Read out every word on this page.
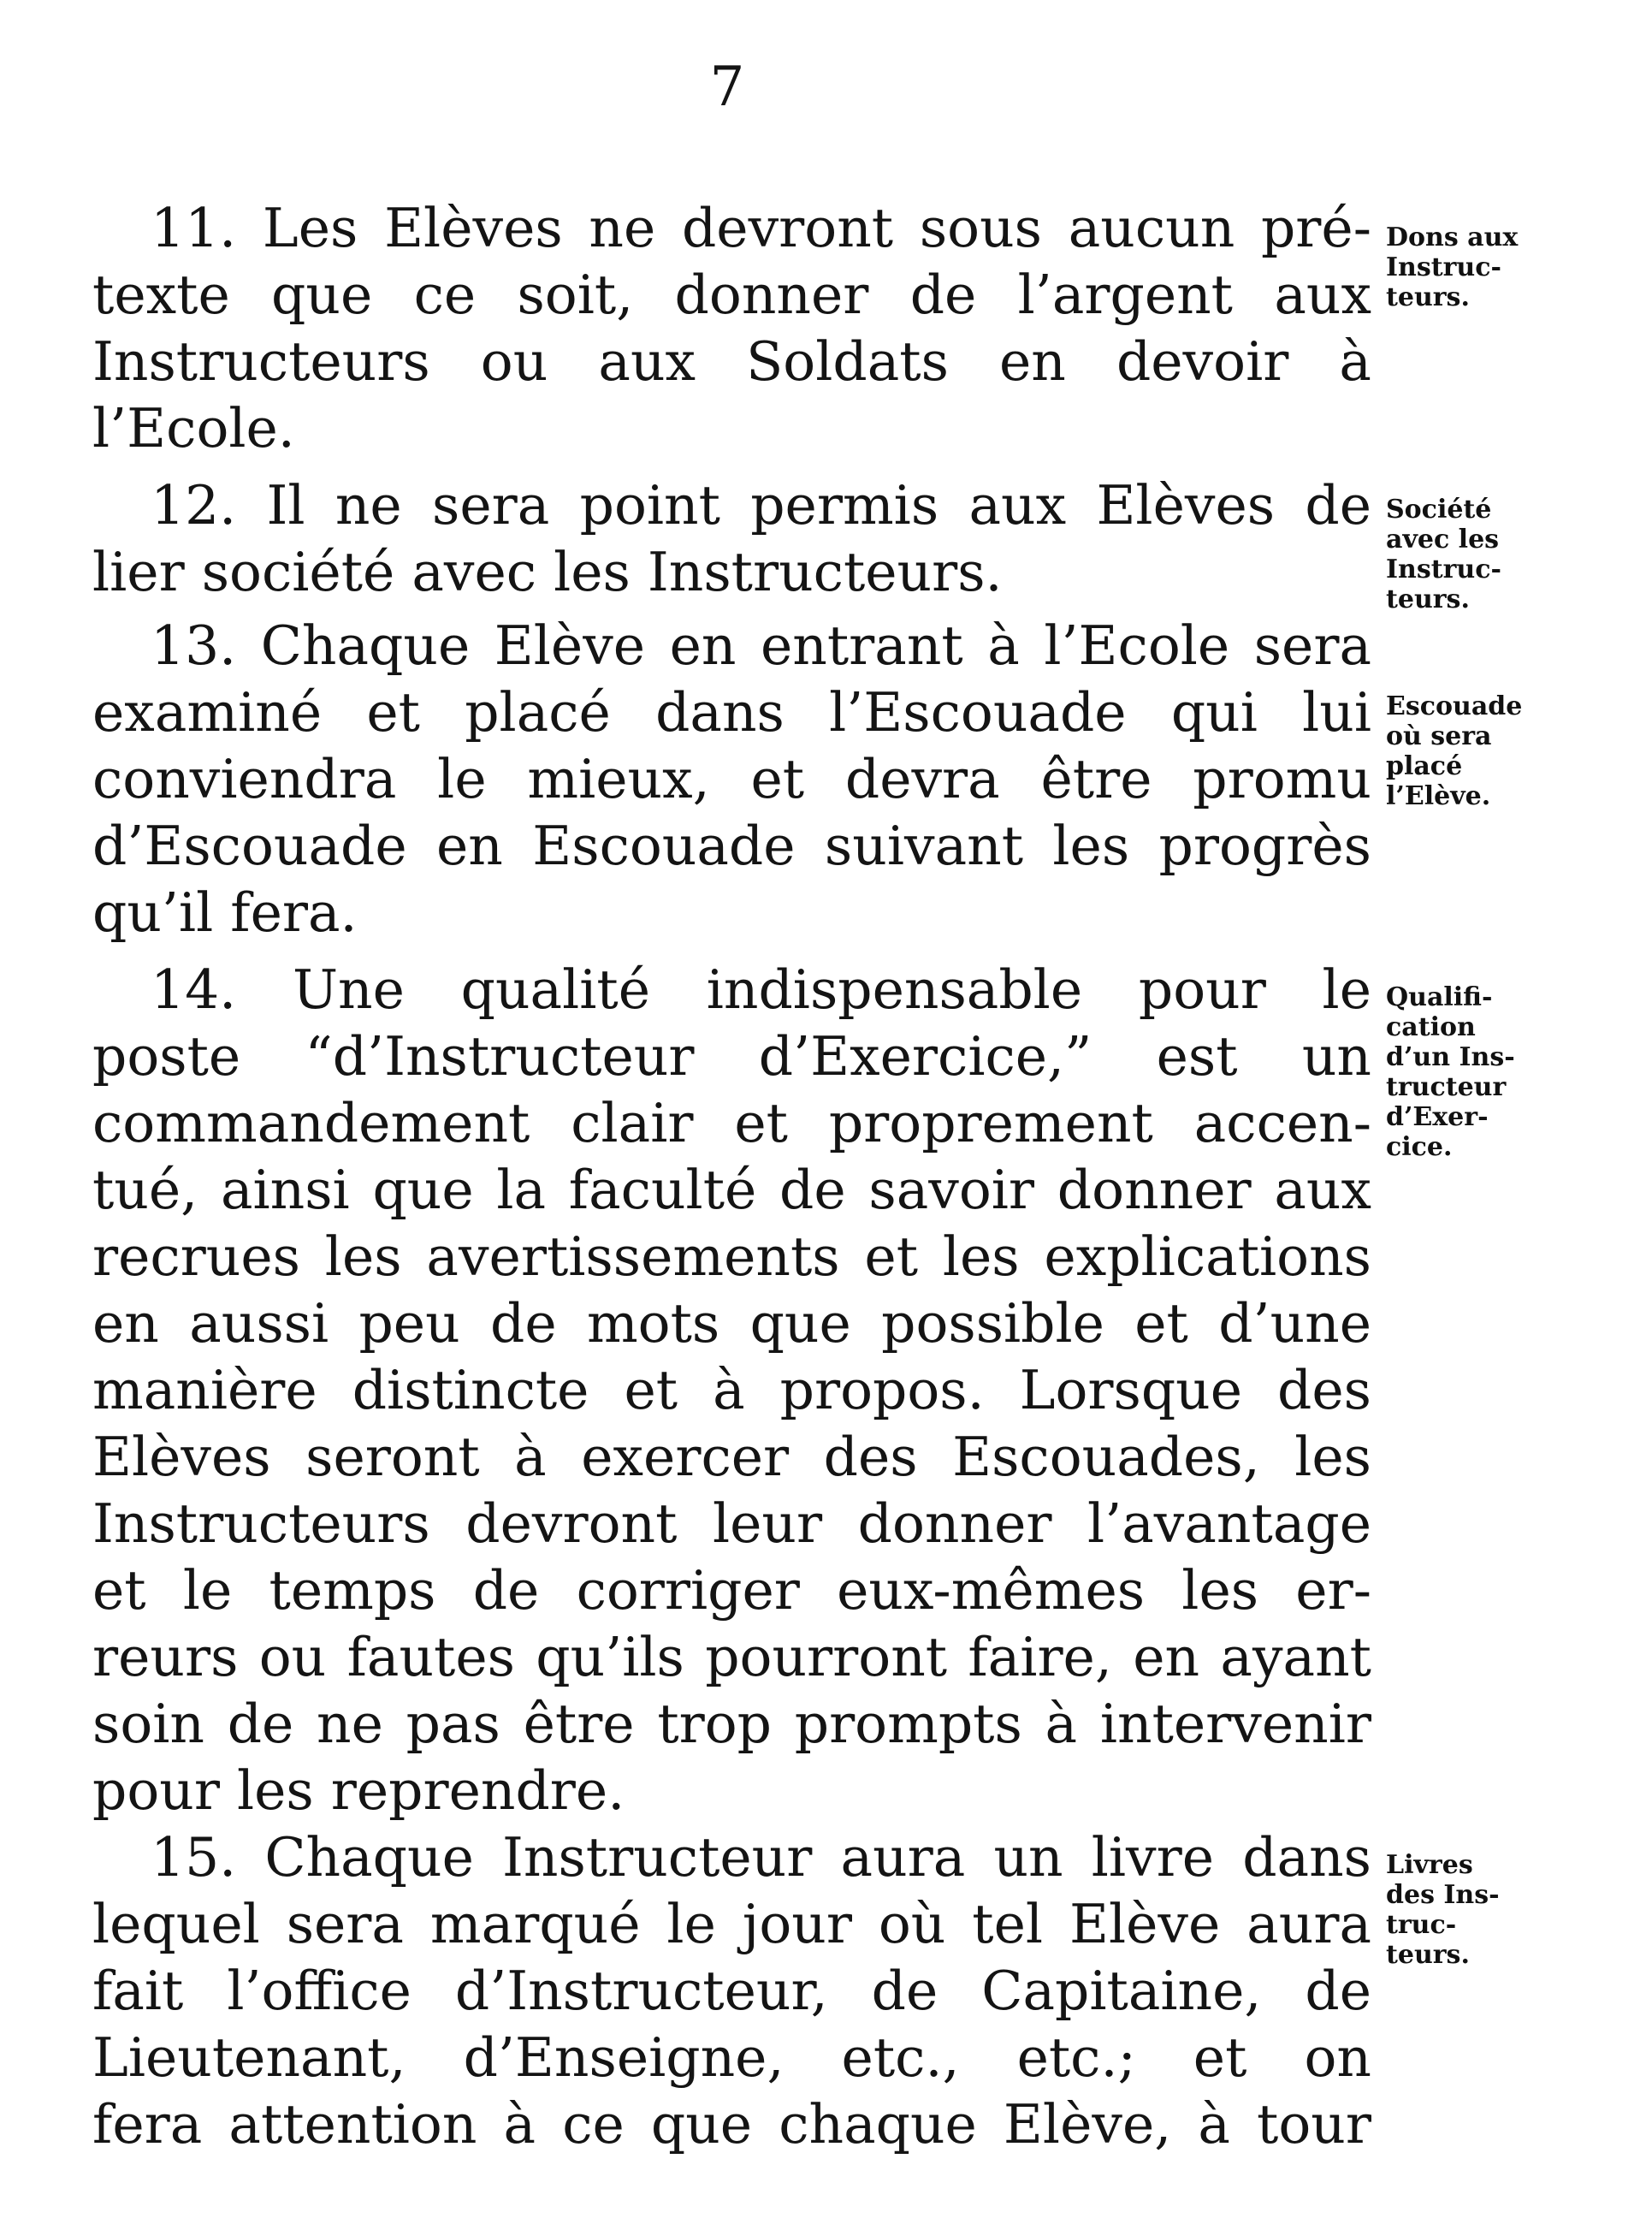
7
11. Les Elèves ne devront sous aucun pré-
texte que ce soit, donner de l’argent aux
Instructeurs ou aux Soldats en devoir à
l’Ecole.
12. Il ne sera point permis aux Elèves de
lier société avec les Instructeurs.
13. Chaque Elève en entrant à l’Ecole sera
examiné et placé dans l’Escouade qui lui
conviendra le mieux, et devra être promu
d’Escouade en Escouade suivant les progrès
qu’il fera.
14. Une qualité indispensable pour le
poste “d’Instructeur d’Exercice,” est un
commandement clair et proprement accen-
tué, ainsi que la faculté de savoir donner aux
recrues les avertissements et les explications
en aussi peu de mots que possible et d’une
manière distincte et à propos. Lorsque des
Elèves seront à exercer des Escouades, les
Instructeurs devront leur donner l’avantage
et le temps de corriger eux-mêmes les er-
reurs ou fautes qu’ils pourront faire, en ayant
soin de ne pas être trop prompts à intervenir
pour les reprendre.
15. Chaque Instructeur aura un livre dans
lequel sera marqué le jour où tel Elève aura
fait l’office d’Instructeur, de Capitaine, de
Lieutenant, d’Enseigne, etc., etc.; et on
fera attention à ce que chaque Elève, à tour
Dons aux
Instruc-
teurs.
Société
avec les
Instruc-
teurs.
Escouade
où sera
placé
l’Elève.
Qualifi-
cation
d’un Ins-
tructeur
d’Exer-
cice.
Livres
des Ins-
truc-
teurs.
